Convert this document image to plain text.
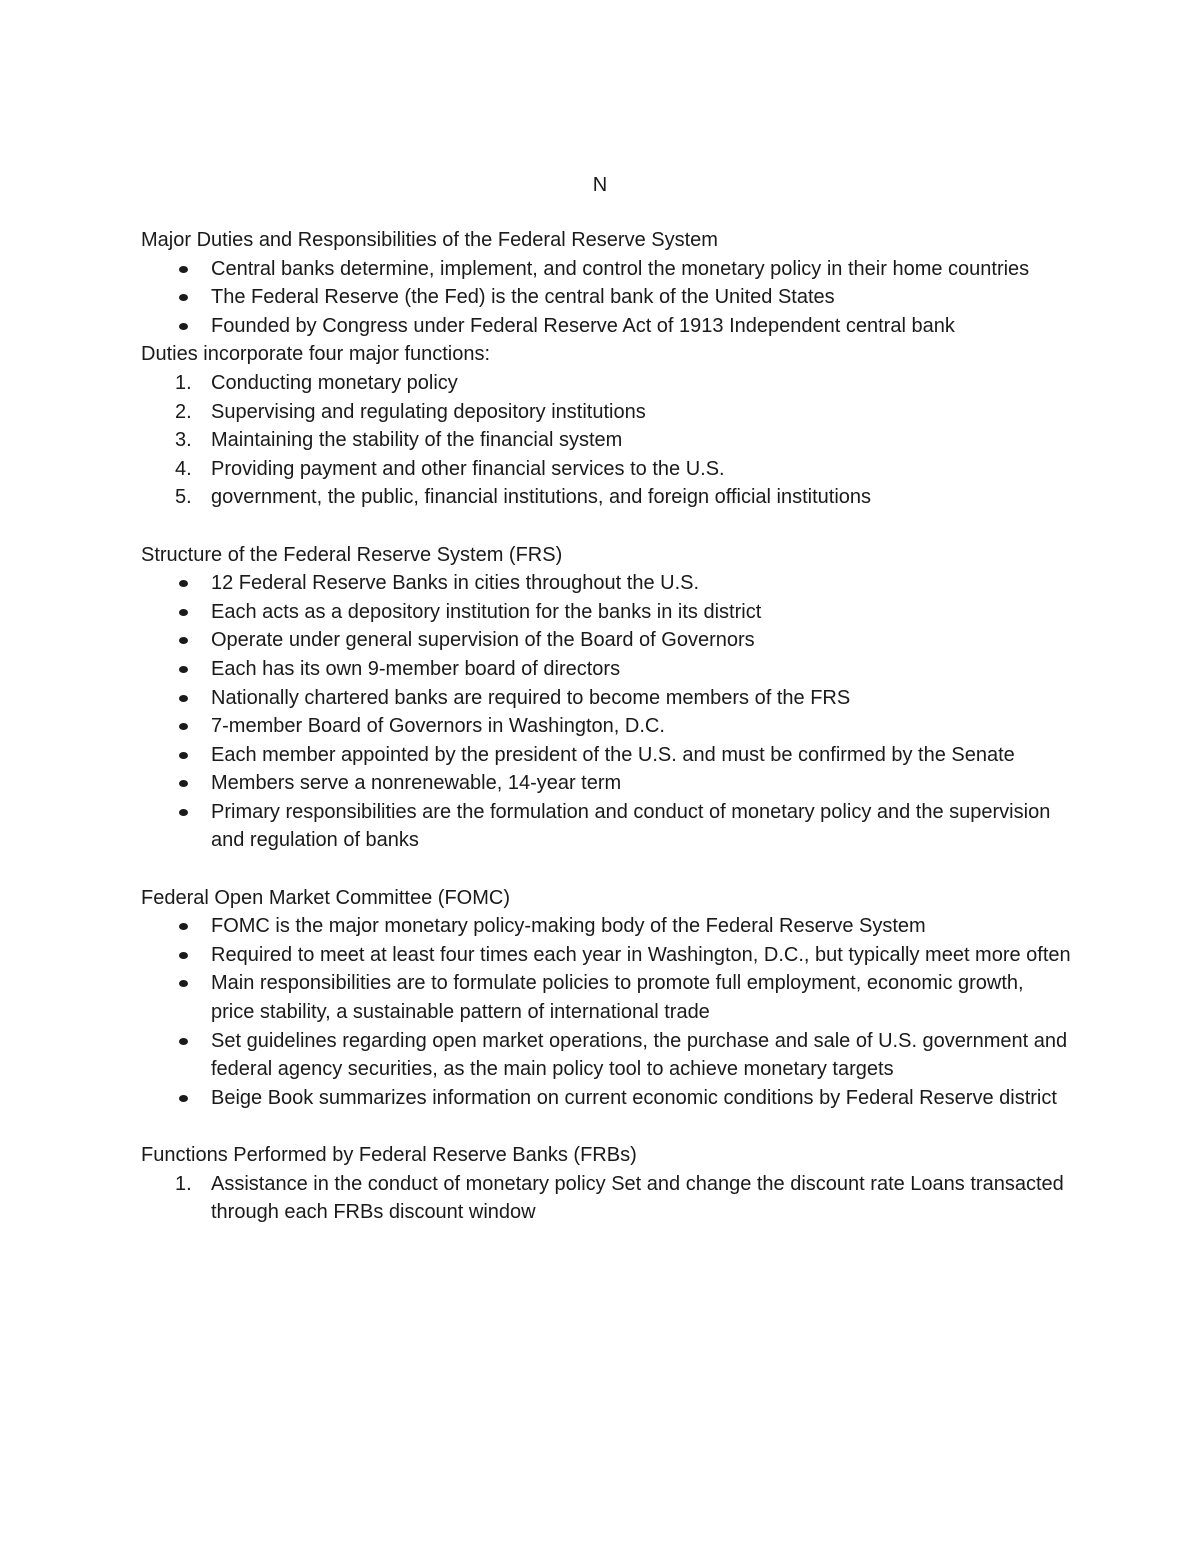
N

Major Duties and Responsibilities of the Federal Reserve System

Central banks determine, implement, and control the monetary policy in their home countries
The Federal Reserve (the Fed) is the central bank of the United States
Founded by Congress under Federal Reserve Act of 1913 Independent central bank

Duties incorporate four major functions:

1. Conducting monetary policy
2. Supervising and regulating depository institutions
3. Maintaining the stability of the financial system
4. Providing payment and other financial services to the U.S.
5. government, the public, financial institutions, and foreign official institutions

Structure of the Federal Reserve System (FRS)

12 Federal Reserve Banks in cities throughout the U.S.
Each acts as a depository institution for the banks in its district
Operate under general supervision of the Board of Governors
Each has its own 9-member board of directors
Nationally chartered banks are required to become members of the FRS
7-member Board of Governors in Washington, D.C.
Each member appointed by the president of the U.S. and must be confirmed by the Senate
Members serve a nonrenewable, 14-year term
Primary responsibilities are the formulation and conduct of monetary policy and the supervision and regulation of banks

Federal Open Market Committee (FOMC)

FOMC is the major monetary policy-making body of the Federal Reserve System
Required to meet at least four times each year in Washington, D.C., but typically meet more often
Main responsibilities are to formulate policies to promote full employment, economic growth, price stability, a sustainable pattern of international trade
Set guidelines regarding open market operations, the purchase and sale of U.S. government and federal agency securities, as the main policy tool to achieve monetary targets
Beige Book summarizes information on current economic conditions by Federal Reserve district

Functions Performed by Federal Reserve Banks (FRBs)

1. Assistance in the conduct of monetary policy Set and change the discount rate Loans transacted through each FRBs discount window
